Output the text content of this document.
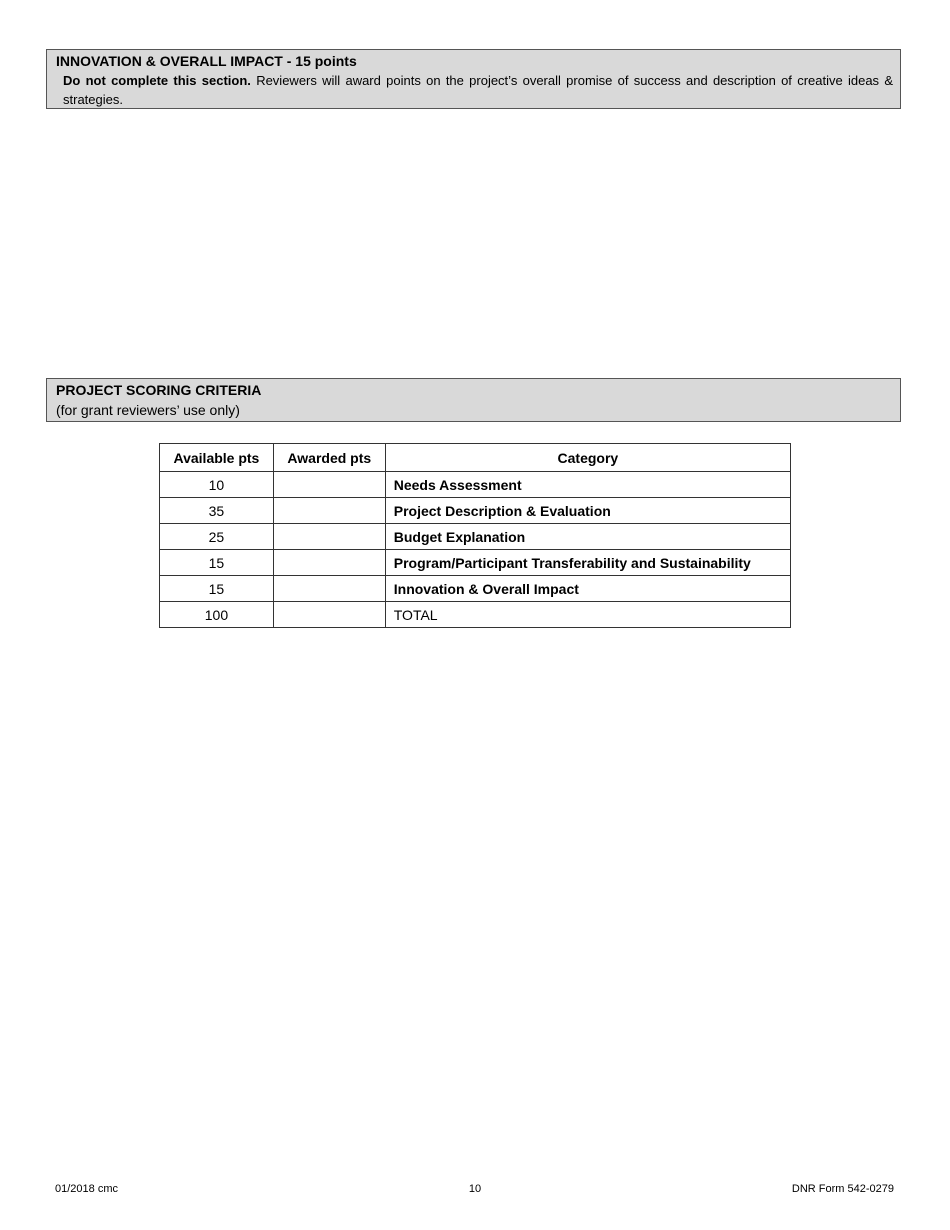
INNOVATION & OVERALL IMPACT - 15 points
Do not complete this section. Reviewers will award points on the project’s overall promise of success and description of creative ideas & strategies.
PROJECT SCORING CRITERIA
(for grant reviewers’ use only)
Available pts	Awarded pts	Category
10		Needs Assessment
35		Project Description & Evaluation
25		Budget Explanation
15		Program/Participant Transferability and Sustainability
15		Innovation & Overall Impact
100		TOTAL
01/2018 cmc	10	DNR Form 542-0279
